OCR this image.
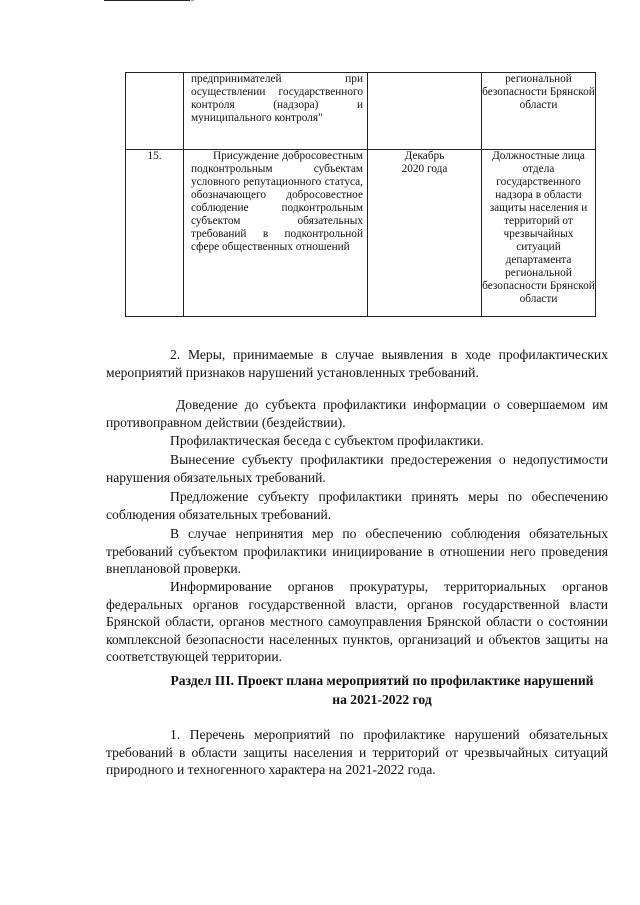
	предпринимателей при осуществлении государственного контроля (надзора) и муниципального контроля"		региональной безопасности Брянской области

15.	Присуждение добросовестным подконтрольным субъектам условного репутационного статуса, обозначающего добросовестное соблюдение подконтрольным субъектом обязательных требований в подконтрольной сфере общественных отношений	Декабрь 2020 года	Должностные лица отдела государственного надзора в области защиты населения и территорий от чрезвычайных ситуаций департамента региональной безопасности Брянской области

2. Меры, принимаемые в случае выявления в ходе профилактических мероприятий признаков нарушений установленных требований.

Доведение до субъекта профилактики информации о совершаемом им противоправном действии (бездействии).

Профилактическая беседа с субъектом профилактики.

Вынесение субъекту профилактики предостережения о недопустимости нарушения обязательных требований.

Предложение субъекту профилактики принять меры по обеспечению соблюдения обязательных требований.

В случае непринятия мер по обеспечению соблюдения обязательных требований субъектом профилактики инициирование в отношении него проведения внеплановой проверки.

Информирование органов прокуратуры, территориальных органов федеральных органов государственной власти, органов государственной власти Брянской области, органов местного самоуправления Брянской области о состоянии комплексной безопасности населенных пунктов, организаций и объектов защиты на соответствующей территории.

Раздел III. Проект плана мероприятий по профилактике нарушений

на 2021-2022 год

1. Перечень мероприятий по профилактике нарушений обязательных требований в области защиты населения и территорий от чрезвычайных ситуаций природного и техногенного характера на 2021-2022 года.
